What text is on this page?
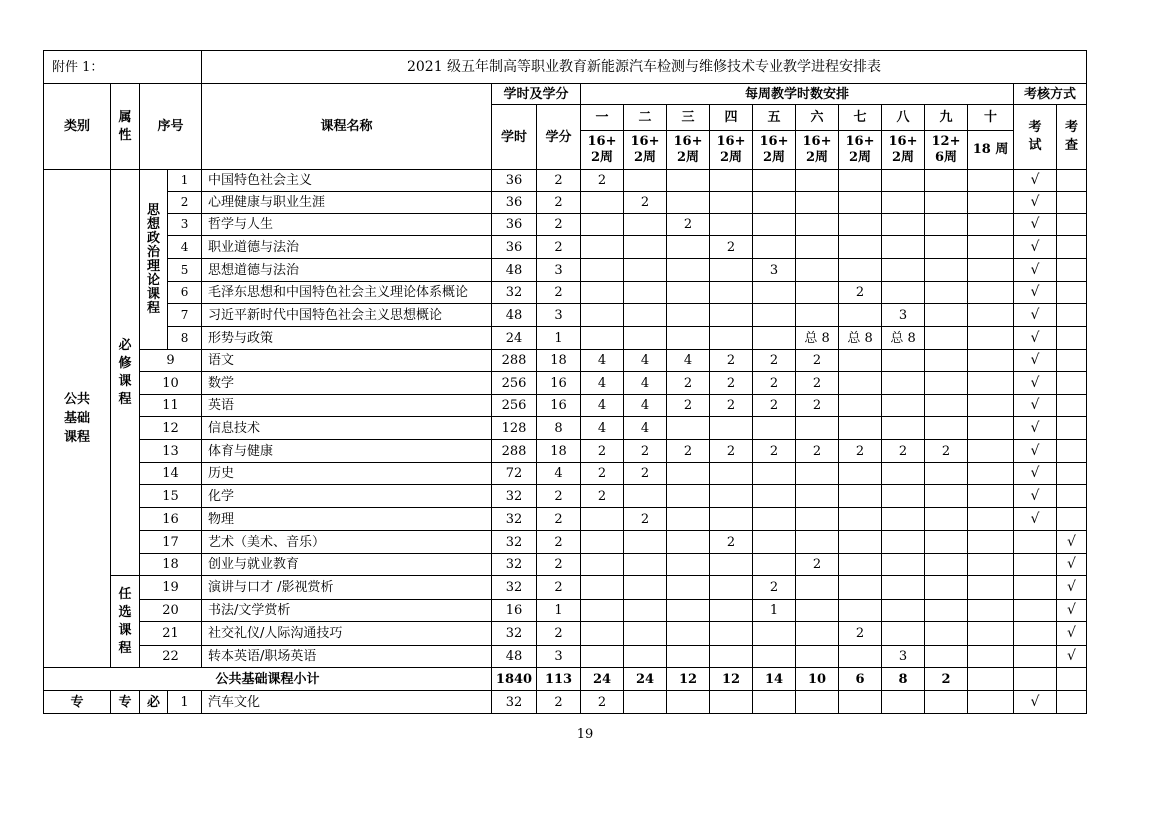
附件 1：				2021 级五年制高等职业教育新能源汽车检测与维修技术专业教学进程安排表														
类别	属性	序号		课程名称	学时及学分		每周教学时数安排										考核方式	
					学时	学分	一	二	三	四	五	六	七	八	九	十	考试	考查
							16+ 2周	16+ 2周	16+ 2周	16+ 2周	16+ 2周	16+ 2周	16+ 2周	16+ 2周	12+ 6周	18 周		
公共基础课程	必修课程	思想政治理论课程	1	中国特色社会主义	36	2	2										√	
			2	心理健康与职业生涯	36	2		2									√	
			3	哲学与人生	36	2			2								√	
			4	职业道德与法治	36	2				2							√	
			5	思想道德与法治	48	3					3						√	
			6	毛泽东思想和中国特色社会主义理论体系概论	32	2							2				√	
			7	习近平新时代中国特色社会主义思想概论	48	3								3			√	
			8	形势与政策	24	1						总 8	总 8	总 8			√	
		9		语文	288	18	4	4	4	2	2	2					√	
		10		数学	256	16	4	4	2	2	2	2					√	
		11		英语	256	16	4	4	2	2	2	2					√	
		12		信息技术	128	8	4	4									√	
		13		体育与健康	288	18	2	2	2	2	2	2	2	2	2		√	
		14		历史	72	4	2	2									√	
		15		化学	32	2	2										√	
		16		物理	32	2		2									√	
		17		艺术（美术、音乐）	32	2				2								√
		18		创业与就业教育	32	2						2						√
	任选课程	19		演讲与口才 /影视赏析	32	2					2							√
		20		书法/文学赏析	16	1					1							√
		21		社交礼仪/人际沟通技巧	32	2							2					√
		22		转本英语/职场英语	48	3								3				√
公共基础课程小计					1840	113	24	24	12	12	14	10	6	8	2			
专	专	必	1	汽车文化	32	2	2										√	
19
